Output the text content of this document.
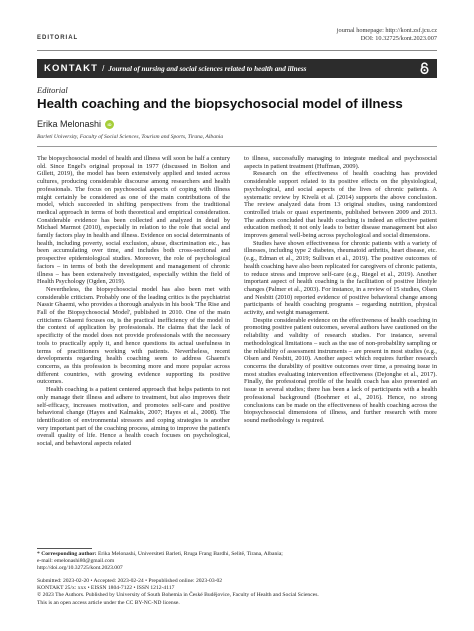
EDITORIAL
journal homepage: http://kont.zsf.jcu.cz
DOI: 10.32725/kont.2023.007
KONTAKT / Journal of nursing and social sciences related to health and illness
Editorial
Health coaching and the biopsychosocial model of illness
Erika Melonashi iD
Barleti University, Faculty of Social Sciences, Tourism and Sports, Tirana, Albania

The biopsychosocial model of health and illness will soon be half a century old. Since Engel's original proposal in 1977 (discussed in Bolton and Gillett, 2019), the model has been extensively applied and tested across cultures, producing considerable discourse among researchers and health professionals. The focus on psychosocial aspects of coping with illness might certainly be considered as one of the main contributions of the model, which succeeded in shifting perspectives from the traditional medical approach in terms of both theoretical and empirical consideration. Considerable evidence has been collected and analyzed in detail by Michael Marmot (2010), especially in relation to the role that social and family factors play in health and illness. Evidence on social determinants of health, including poverty, social exclusion, abuse, discrimination etc., has been accumulating over time, and includes both cross-sectional and prospective epidemiological studies. Moreover, the role of psychological factors – in terms of both the development and management of chronic illness – has been extensively investigated, especially within the field of Health Psychology (Ogden, 2019).

Nevertheless, the biopsychosocial model has also been met with considerable criticism. Probably one of the leading critics is the psychiatrist Nassir Ghaemi, who provides a thorough analysis in his book 'The Rise and Fall of the Biopsychosocial Model', published in 2010. One of the main criticisms Ghaemi focuses on, is the practical inefficiency of the model in the context of application by professionals. He claims that the lack of specificity of the model does not provide professionals with the necessary tools to practically apply it, and hence questions its actual usefulness in terms of practitioners working with patients. Nevertheless, recent developments regarding health coaching seem to address Ghaemi's concerns, as this profession is becoming more and more popular across different countries, with growing evidence supporting its positive outcomes.

Health coaching is a patient centered approach that helps patients to not only manage their illness and adhere to treatment, but also improves their self-efficacy, increases motivation, and promotes self-care and positive behavioral change (Hayes and Kalmakis, 2007; Hayes et al., 2008). The identification of environmental stressors and coping strategies is another very important part of the coaching process, aiming to improve the patient's overall quality of life. Hence a health coach focuses on psychological, social, and behavioral aspects related

to illness, successfully managing to integrate medical and psychosocial aspects in patient treatment (Huffman, 2009).

Research on the effectiveness of health coaching has provided considerable support related to its positive effects on the physiological, psychological, and social aspects of the lives of chronic patients. A systematic review by Kivelä et al. (2014) supports the above conclusion. The review analyzed data from 13 original studies, using randomized controlled trials or quasi experiments, published between 2009 and 2013. The authors concluded that health coaching is indeed an effective patient education method; it not only leads to better disease management but also improves general well-being across psychological and social dimensions.

Studies have shown effectiveness for chronic patients with a variety of illnesses, including type 2 diabetes, rheumatoid arthritis, heart disease, etc. (e.g., Edman et al., 2019; Sullivan et al., 2019). The positive outcomes of health coaching have also been replicated for caregivers of chronic patients, to reduce stress and improve self-care (e.g., Riegel et al., 2019). Another important aspect of health coaching is the facilitation of positive lifestyle changes (Palmer et al., 2003). For instance, in a review of 15 studies, Olsen and Nesbitt (2010) reported evidence of positive behavioral change among participants of health coaching programs – regarding nutrition, physical activity, and weight management.

Despite considerable evidence on the effectiveness of health coaching in promoting positive patient outcomes, several authors have cautioned on the reliability and validity of research studies. For instance, several methodological limitations – such as the use of non-probability sampling or the reliability of assessment instruments – are present in most studies (e.g., Olsen and Nesbitt, 2010). Another aspect which requires further research concerns the durability of positive outcomes over time, a pressing issue in most studies evaluating intervention effectiveness (Dejonghe et al., 2017). Finally, the professional profile of the health coach has also presented an issue in several studies; there has been a lack of participants with a health professional background (Boehmer et al., 2016). Hence, no strong conclusions can be made on the effectiveness of health coaching across the biopsychosocial dimensions of illness, and further research with more sound methodology is required.

* Corresponding author: Erika Melonashi, Universiteti Barleti, Rruga Frang Bardhi, Selitë, Tirana, Albania;
e-mail: emelonashi80@gmail.com
http://doi.org/10.32725/kont.2023.007
Submitted: 2023-02-20 • Accepted: 2023-02-24 • Prepublished online: 2023-03-02
KONTAKT 25/x: xxx • EISSN 1804-7122 • ISSN 1212-4117
© 2023 The Authors. Published by University of South Bohemia in České Budějovice, Faculty of Health and Social Sciences.
This is an open access article under the CC BY-NC-ND license.
